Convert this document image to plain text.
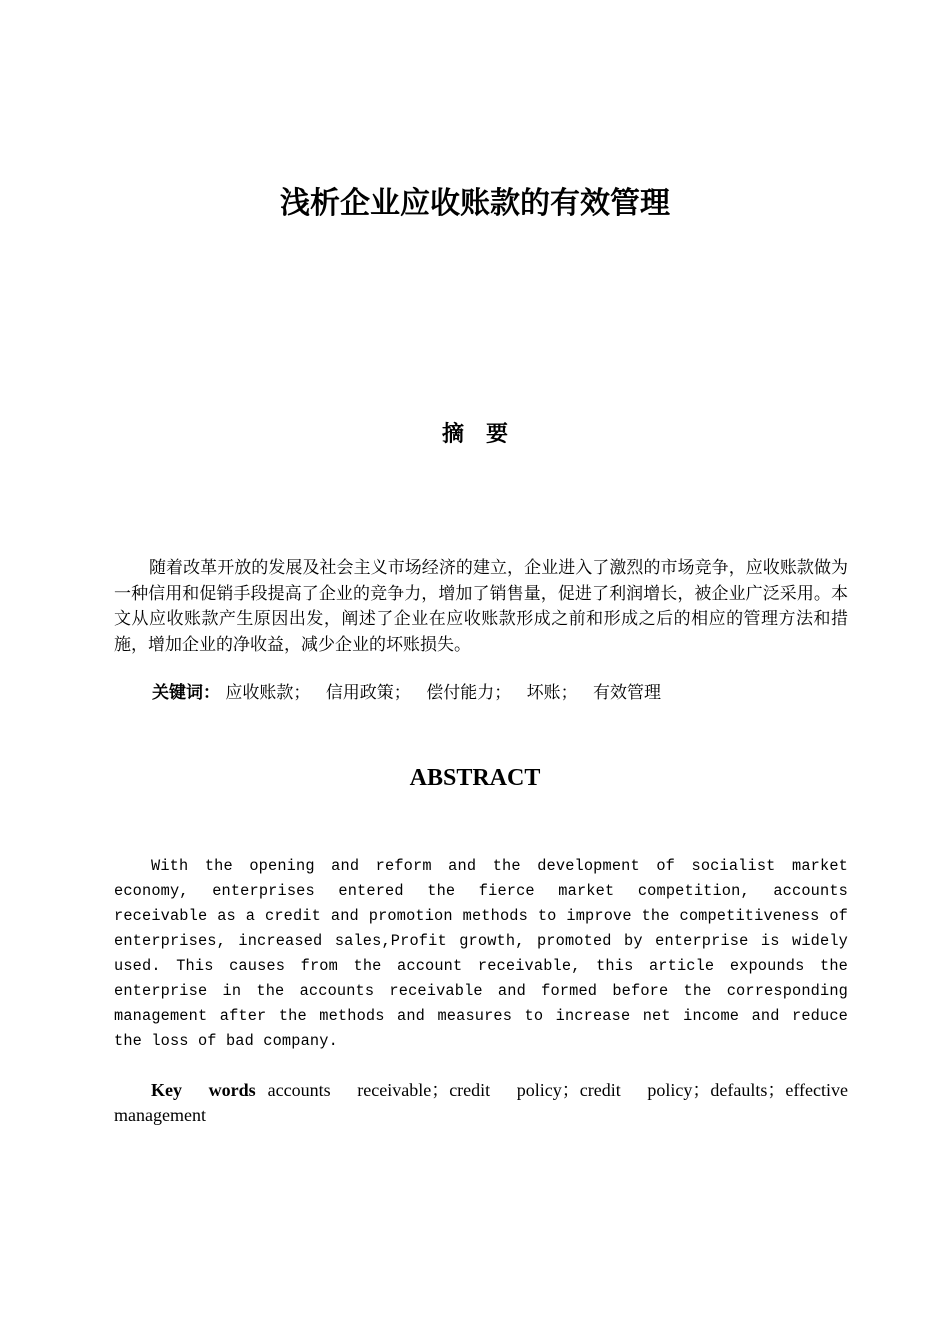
浅析企业应收账款的有效管理
摘要

随着改革开放的发展及社会主义市场经济的建立，企业进入了激烈的市场竞争，应收账款做为一种信用和促销手段提高了企业的竞争力，增加了销售量，促进了利润增长，被企业广泛采用。本文从应收账款产生原因出发，阐述了企业在应收账款形成之前和形成之后的相应的管理方法和措施，增加企业的净收益，减少企业的坏账损失。

关键词： 应收账款； 信用政策； 偿付能力； 坏账； 有效管理

ABSTRACT

With the opening and reform and the development of socialist market economy, enterprises entered the fierce market competition, accounts receivable as a credit and promotion methods to improve the competitiveness of enterprises, increased sales,Profit growth, promoted by enterprise is widely used. This causes from the account receivable, this article expounds the enterprise in the accounts receivable and formed before the corresponding management after the methods and measures to increase net income and reduce the loss of bad company.

Key words accounts receivable；credit policy；credit policy；defaults；effective management
